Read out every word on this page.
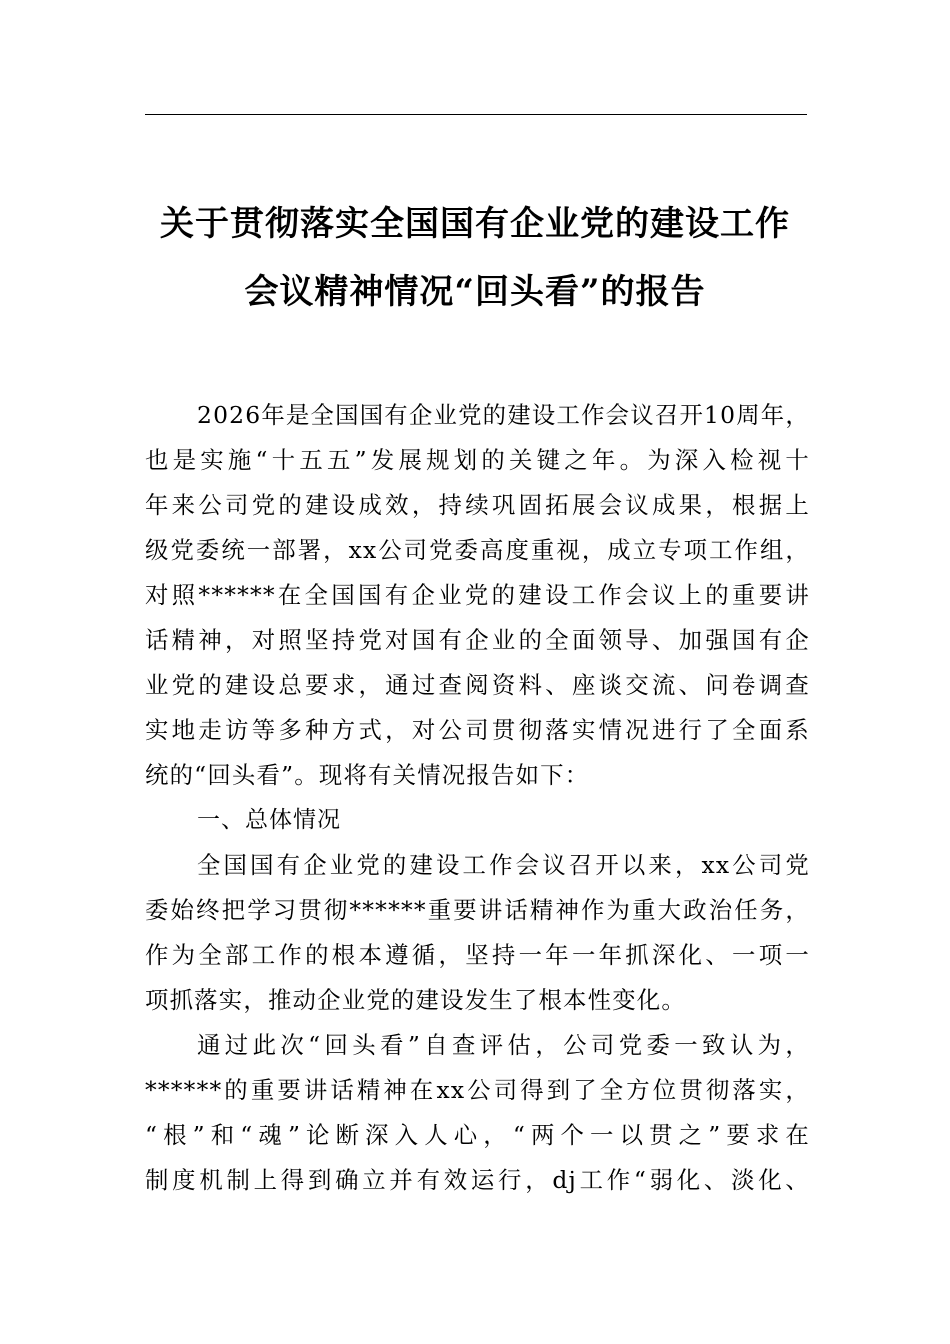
关于贯彻落实全国国有企业党的建设工作
会议精神情况“回头看”的报告
2026年是全国国有企业党的建设工作会议召开10周年，
也是实施“十五五”发展规划的关键之年。为深入检视十
年来公司党的建设成效，持续巩固拓展会议成果，根据上
级党委统一部署，xx公司党委高度重视，成立专项工作组，
对照******在全国国有企业党的建设工作会议上的重要讲
话精神，对照坚持党对国有企业的全面领导、加强国有企
业党的建设总要求，通过查阅资料、座谈交流、问卷调查
实地走访等多种方式，对公司贯彻落实情况进行了全面系
统的“回头看”。现将有关情况报告如下：
一、总体情况
全国国有企业党的建设工作会议召开以来，xx公司党
委始终把学习贯彻******重要讲话精神作为重大政治任务，
作为全部工作的根本遵循，坚持一年一年抓深化、一项一
项抓落实，推动企业党的建设发生了根本性变化。
通过此次“回头看”自查评估，公司党委一致认为，
******的重要讲话精神在xx公司得到了全方位贯彻落实，
“根”和“魂”论断深入人心，“两个一以贯之”要求在
制度机制上得到确立并有效运行，dj工作“弱化、淡化、
